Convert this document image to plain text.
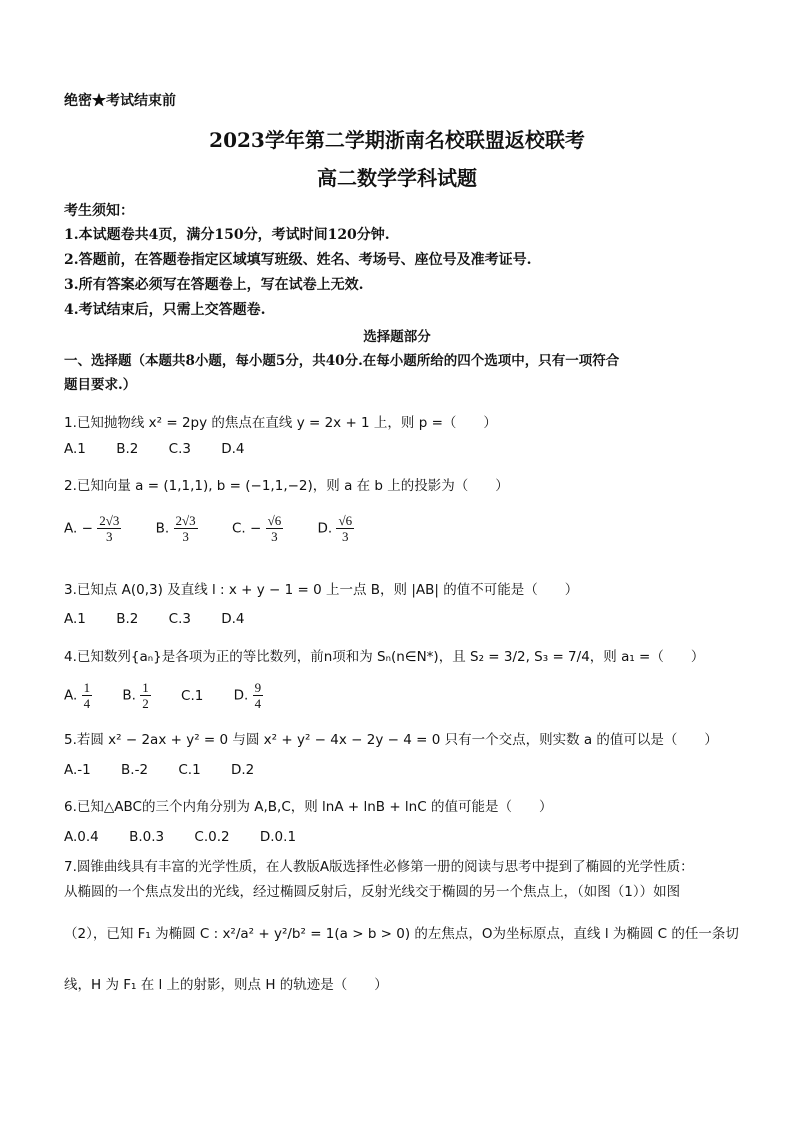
绝密★考试结束前
2023学年第二学期浙南名校联盟返校联考
高二数学学科试题
考生须知：
1.本试题卷共4页，满分150分，考试时间120分钟.
2.答题前，在答题卷指定区域填写班级、姓名、考场号、座位号及准考证号.
3.所有答案必须写在答题卷上，写在试卷上无效.
4.考试结束后，只需上交答题卷.
选择题部分
一、选择题（本题共8小题，每小题5分，共40分.在每小题所给的四个选项中，只有一项符合
题目要求.）
1.已知抛物线 x² = 2py 的焦点在直线 y = 2x + 1 上，则 p =（　　）
A.1 B.2 C.3 D.4
2.已知向量 a = (1,1,1), b = (−1,1,−2)，则 a 在 b 上的投影为（　　）
A. − $\frac{2√3}{3}$	B. $\frac{2√3}{3}$	C. − $\frac{√6}{3}$	D. $\frac{√6}{3}$
3.已知点 A(0,3) 及直线 l : x + y − 1 = 0 上一点 B，则 |AB| 的值不可能是（　　）
A.1 B.2 C.3 D.4
4.已知数列{aₙ}是各项为正的等比数列，前n项和为 Sₙ(n∈N*)，且 S₂ = 3/2, S₃ = 7/4，则 a₁ =（　　）
A. $\frac{1}{4} B$. $\frac{1}{2} C.1$ D. $\frac{9}{4}$
5.若圆 x² − 2ax + y² = 0 与圆 x² + y² − 4x − 2y − 4 = 0 只有一个交点，则实数 a 的值可以是（　　）
A.-1 B.-2 C.1 D.2
6.已知△ABC的三个内角分别为 A,B,C，则 lnA + lnB + lnC 的值可能是（　　）
A.0.4 B.0.3 C.0.2 D.0.1
7.圆锥曲线具有丰富的光学性质，在人教版A版选择性必修第一册的阅读与思考中提到了椭圆的光学性质：
从椭圆的一个焦点发出的光线，经过椭圆反射后，反射光线交于椭圆的另一个焦点上，（如图（1））如图
（2），已知 F₁ 为椭圆 C : x²/a² + y²/b² = 1(a > b > 0) 的左焦点，O为坐标原点，直线 l 为椭圆 C 的任一条切
线，H 为 F₁ 在 l 上的射影，则点 H 的轨迹是（　　）
